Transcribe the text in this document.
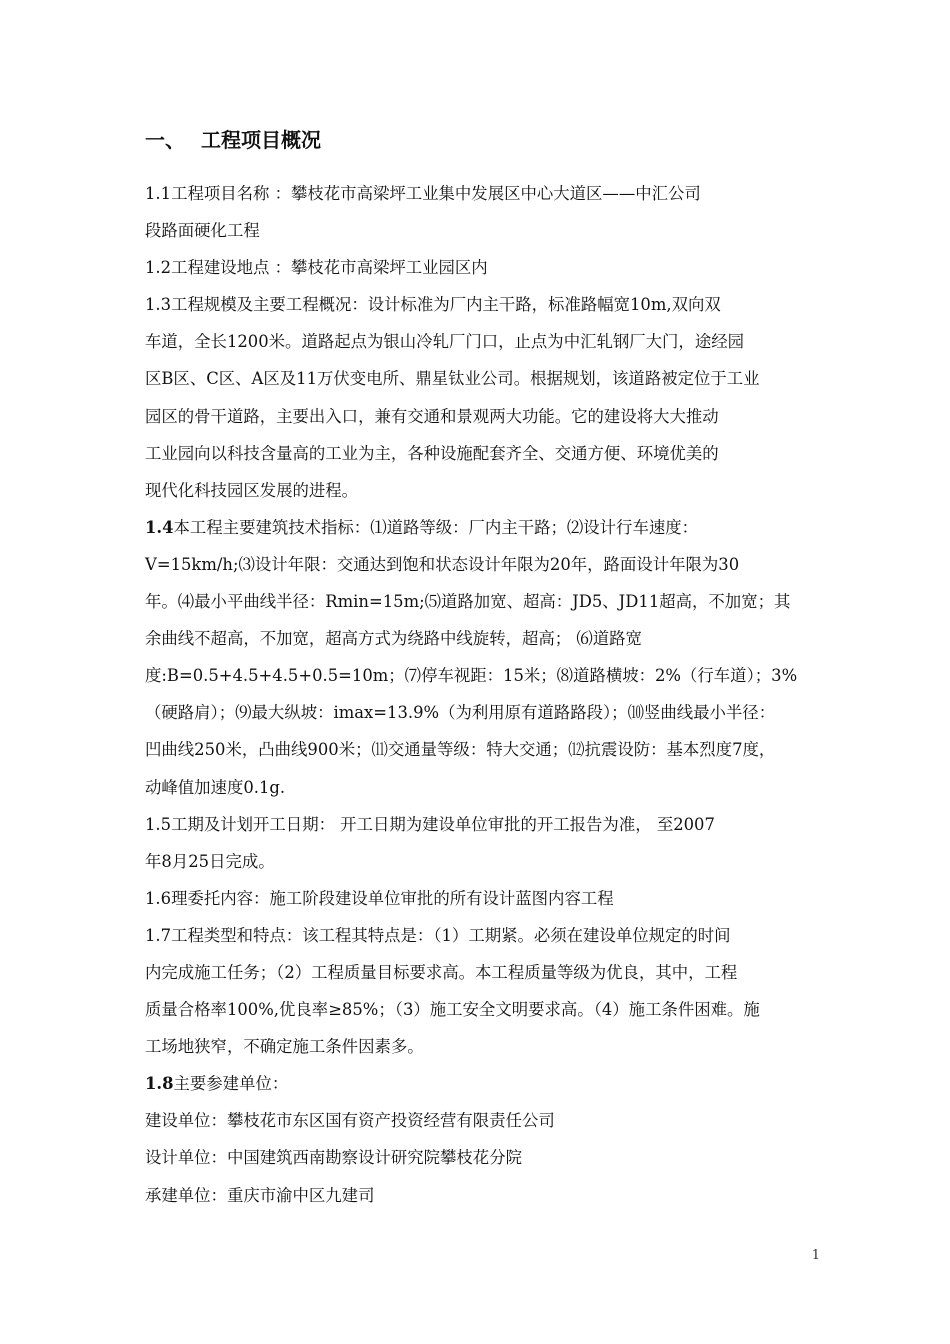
一、 工程项目概况
1.1工程项目名称 ：攀枝花市高梁坪工业集中发展区中心大道区——中汇公司
段路面硬化工程
1.2工程建设地点 ：攀枝花市高梁坪工业园区内
1.3工程规模及主要工程概况：设计标准为厂内主干路，标准路幅宽10m,双向双
车道，全长1200米。道路起点为银山冷轧厂门口，止点为中汇轧钢厂大门，途经园
区B区、C区、A区及11万伏变电所、鼎星钛业公司。根据规划，该道路被定位于工业
园区的骨干道路，主要出入口，兼有交通和景观两大功能。它的建设将大大推动
工业园向以科技含量高的工业为主，各种设施配套齐全、交通方便、环境优美的
现代化科技园区发展的进程。
1.4本工程主要建筑技术指标：⑴道路等级：厂内主干路；⑵设计行车速度：
V=15km/h;⑶设计年限：交通达到饱和状态设计年限为20年，路面设计年限为30
年。⑷最小平曲线半径：Rmin=15m;⑸道路加宽、超高：JD5、JD11超高，不加宽；其
余曲线不超高，不加宽，超高方式为绕路中线旋转，超高； ⑹道路宽
度:B=0.5+4.5+4.5+0.5=10m；⑺停车视距：15米；⑻道路横坡：2%（行车道）；3%
（硬路肩）；⑼最大纵坡：imax=13.9%（为利用原有道路路段）；⑽竖曲线最小半径：
凹曲线250米，凸曲线900米；⑾交通量等级：特大交通；⑿抗震设防：基本烈度7度，
动峰值加速度0.1g.
1.5工期及计划开工日期： 开工日期为建设单位审批的开工报告为准， 至2007
年8月25日完成。
1.6理委托内容：施工阶段建设单位审批的所有设计蓝图内容工程
1.7工程类型和特点：该工程其特点是：（1）工期紧。必须在建设单位规定的时间
内完成施工任务；（2）工程质量目标要求高。本工程质量等级为优良，其中，工程
质量合格率100%,优良率≥85%；（3）施工安全文明要求高。（4）施工条件困难。施
工场地狭窄，不确定施工条件因素多。
1.8主要参建单位：
建设单位：攀枝花市东区国有资产投资经营有限责任公司
设计单位：中国建筑西南勘察设计研究院攀枝花分院
承建单位：重庆市渝中区九建司
1
